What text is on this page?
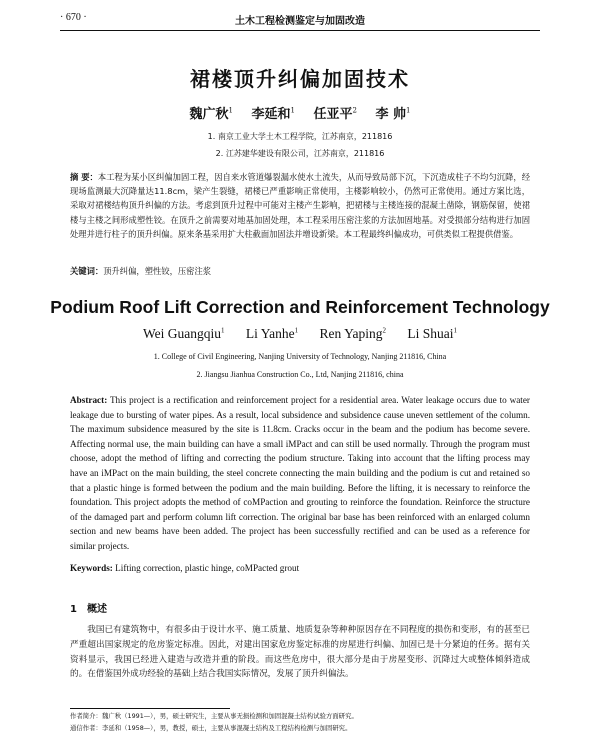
· 670 ·	土木工程检测鉴定与加固改造
裙楼顶升纠偏加固技术
魏广秋$^1$ 李延和$^1$ 任亚平$^2$ 李 帅$^1$
1. 南京工业大学土木工程学院，江苏南京，211816
2. 江苏建华建设有限公司，江苏南京，211816
摘 要：本工程为某小区纠偏加固工程，因自来水管道爆裂漏水使水土流失，从而导致局部下沉，下沉造成柱子不均匀沉降，经现场监测最大沉降量达11.8cm，梁产生裂缝，裙楼已严重影响正常使用，主楼影响较小，仍然可正常使用。通过方案比选，采取对裙楼结构顶升纠偏的方法。考虑到顶升过程中可能对主楼产生影响，把裙楼与主楼连接的混凝土凿除，钢筋保留，使裙楼与主楼之间形成塑性铰。在顶升之前需要对地基加固处理，本工程采用压密注浆的方法加固地基。对受损部分结构进行加固处理并进行柱子的顶升纠偏。原来条基采用扩大柱截面加固法并增设新梁。本工程最终纠偏成功，可供类似工程提供借鉴。
关键词：顶升纠偏，塑性铰，压密注浆
Podium Roof Lift Correction and Reinforcement Technology
Wei Guangqiu$^1$ Li Yanhe$^1$ Ren Yaping$^2$ Li Shuai$^1$
1. College of Civil Engineering, Nanjing University of Technology, Nanjing 211816, China
2. Jiangsu Jianhua Construction Co., Ltd, Nanjing 211816, china
Abstract: This project is a rectification and reinforcement project for a residential area. Water leakage occurs due to water leakage due to bursting of water pipes. As a result, local subsidence and subsidence cause uneven settlement of the column. The maximum subsidence measured by the site is 11.8cm. Cracks occur in the beam and the podium has become severe. Affecting normal use, the main building can have a small iMPact and can still be used normally. Through the program must choose, adopt the method of lifting and correcting the podium structure. Taking into account that the lifting process may have an iMPact on the main building, the steel concrete connecting the main building and the podium is cut and retained so that a plastic hinge is formed between the podium and the main building. Before the lifting, it is necessary to reinforce the foundation. This project adopts the method of coMPaction and grouting to reinforce the foundation. Reinforce the structure of the damaged part and perform column lift correction. The original bar base has been reinforced with an enlarged column section and new beams have been added. The project has been successfully rectified and can be used as a reference for similar projects.
Keywords: Lifting correction, plastic hinge, coMPacted grout
1 概述
我国已有建筑物中，有很多由于设计水平、施工质量、地质复杂等种种原因存在不同程度的损伤和变形，有的甚至已严重超出国家规定的危房鉴定标准。因此，对建出国家危房鉴定标准的房屋进行纠偏、加固已是十分紧迫的任务。据有关资料显示，我国已经进入建造与改造并重的阶段。而这些危房中，很大部分是由于房屋变形、沉降过大或整体倾斜造成的。在借鉴国外成功经验的基础上结合我国实际情况，发展了顶升纠偏法。
作者简介：魏广秋（1991—），男，硕士研究生，主要从事无损检测和加固混凝土结构试验方面研究。
通信作者：李延和（1958—），男，教授，硕士，主要从事混凝土结构及工程结构检测与加固研究。
